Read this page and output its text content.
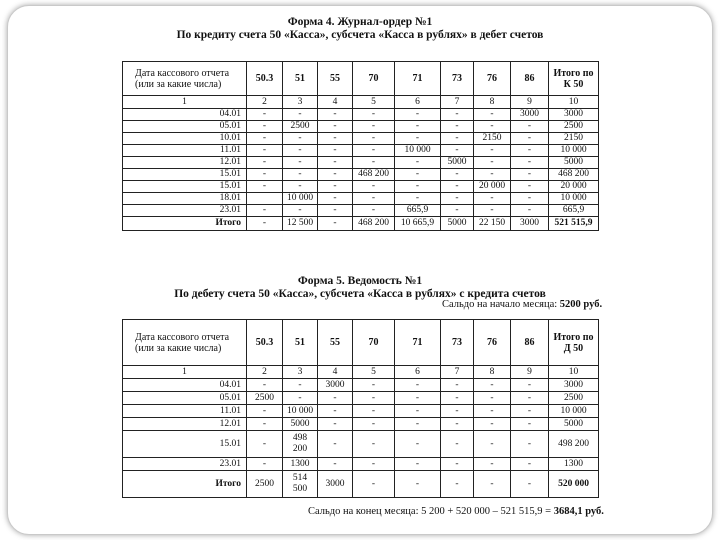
Форма 4. Журнал-ордер №1
По кредиту счета 50 «Касса», субсчета «Касса в рублях» в дебет счетов
Дата кассового отчета (или за какие числа)	50.3	51	55	70	71	73	76	86	Итого по К 50
1	2	3	4	5	6	7	8	9	10
04.01	-	-	-	-	-	-	-	3000	3000
05.01	-	2500	-	-	-	-	-	-	2500
10.01	-	-	-	-	-	-	2150	-	2150
11.01	-	-	-	-	10 000	-	-	-	10 000
12.01	-	-	-	-	-	5000	-	-	5000
15.01	-	-	-	468 200	-	-	-	-	468 200
15.01	-	-	-	-	-	-	20 000	-	20 000
18.01		10 000	-	-	-	-	-	-	10 000
23.01	-	-	-	-	665,9	-	-	-	665,9
Итого	-	12 500	-	468 200	10 665,9	5000	22 150	3000	521 515,9
Форма 5. Ведомость №1
По дебету счета 50 «Касса», субсчета «Касса в рублях» с кредита счетов
Сальдо на начало месяца: 5200 руб.
Дата кассового отчета (или за какие числа)	50.3	51	55	70	71	73	76	86	Итого по Д 50
1	2	3	4	5	6	7	8	9	10
04.01	-	-	3000	-	-	-	-	-	3000
05.01	2500	-	-	-	-	-	-	-	2500
11.01	-	10 000	-	-	-	-	-	-	10 000
12.01	-	5000	-	-	-	-	-	-	5000
15.01	-	498 200	-	-	-	-	-	-	498 200
23.01	-	1300	-	-	-	-	-	-	1300
Итого	2500	514 500	3000	-	-	-	-	-	520 000
Сальдо на конец месяца: 5 200 + 520 000 – 521 515,9 = 3684,1 руб.
